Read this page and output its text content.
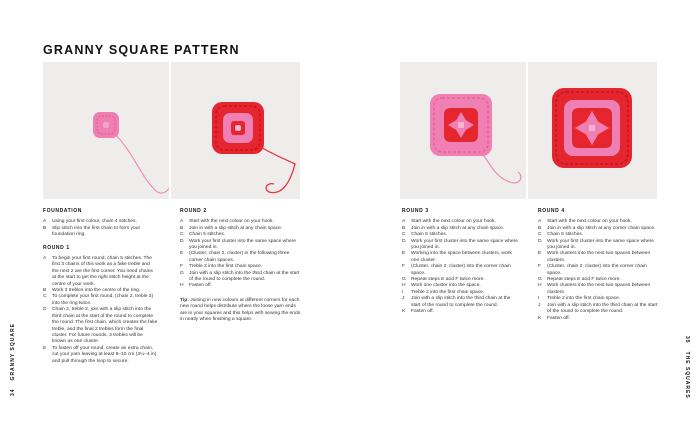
GRANNY SQUARE PATTERN
FOUNDATION
A	Using your first colour, chain 4 stitches.
B	Slip stitch into the first chain to form your foundation ring.
ROUND 1
A	To begin your first round, chain 5 stitches. The first 3 chains of this work as a fake treble and the next 2 are the first corner. You need chains at the start to get the right stitch height at the centre of your work.
B	Work 3 trebles into the centre of the ring.
C	To complete your first round, (chain 2, treble 3) into the ring twice.
D	Chain 2, treble 2, join with a slip stitch into the third chain at the start of the round to complete the round. The first chain, which creates the fake treble, and the final 2 trebles form the final cluster. For future rounds, 3 trebles will be known as one cluster.
E	To fasten off your round, create an extra chain, cut your yarn leaving at least 8–10 cm (3¼–4 in) and pull through the loop to secure.
ROUND 2
A	Start with the next colour on your hook.
B	Join in with a slip stitch at any chain space.
C	Chain 5 stitches.
D	Work your first cluster into the same space where you joined in.
E	(Cluster, chain 2, cluster) in the following three corner chain spaces.
F	Treble 2 into the first chain space.
G	Join with a slip stitch into the third chain at the start of the round to complete the round.
H	Fasten off.
Tip: Joining in new colours at different corners for each new round helps distribute where the loose yarn ends are in your squares and this helps with sewing the ends in neatly when finishing a square.
ROUND 3
A	Start with the next colour on your hook.
B	Join in with a slip stitch at any chain space.
C	Chain 5 stitches.
D	Work your first cluster into the same space where you joined in.
E	Working into the space between clusters, work one cluster.
F	(Cluster, chain 2, cluster) into the corner chain space.
G	Repeat steps E and F twice more.
H	Work one cluster into the space.
I	Treble 2 into the first chain space.
J	Join with a slip stitch into the third chain at the start of the round to complete the round.
K	Fasten off.
ROUND 4
A	Start with the next colour on your hook.
B	Join in with a slip stitch at any corner chain space.
C	Chain 5 stitches.
D	Work your first cluster into the same space where you joined in.
E	Work clusters into the next two spaces between clusters.
F	(Cluster, chain 2, cluster) into the corner chain space.
G	Repeat steps E and F twice more.
H	Work clusters into the next two spaces between clusters.
I	Treble 2 into the first chain space.
J	Join with a slip stitch into the third chain at the start of the round to complete the round.
K	Fasten off.
34GRANNY SQUARE	35THE SQUARES
